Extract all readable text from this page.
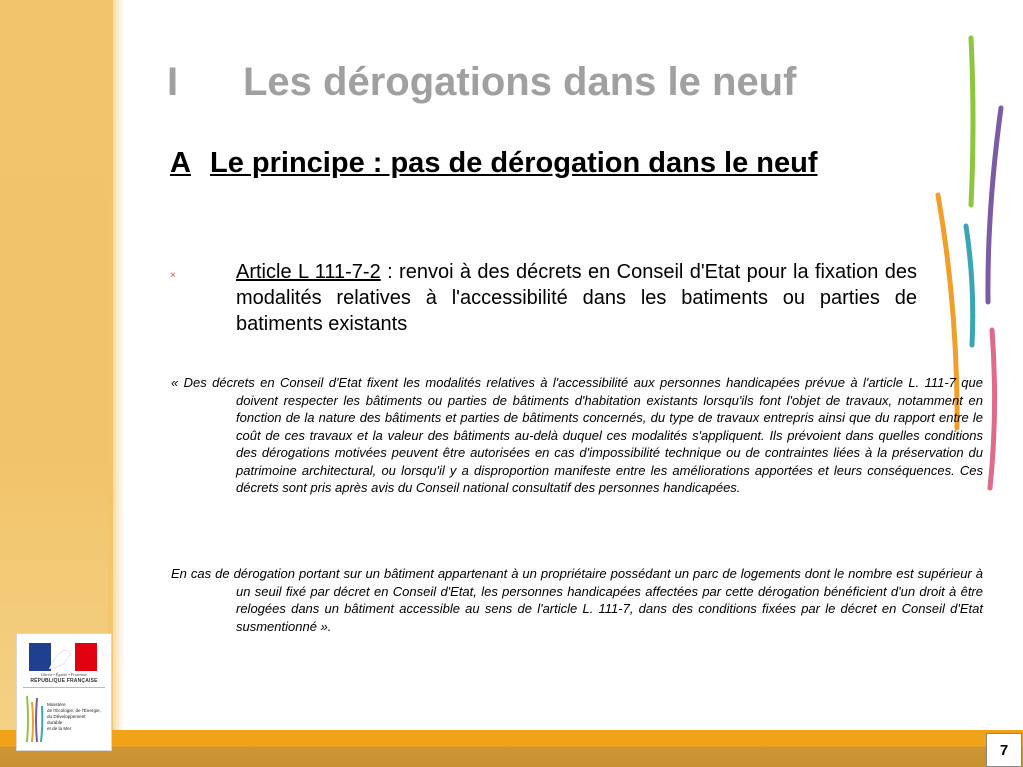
I Les dérogations dans le neuf
A Le principe : pas de dérogation dans le neuf
×	Article L 111-7-2 : renvoi à des décrets en Conseil d'Etat pour la fixation des modalités relatives à l'accessibilité dans les batiments ou parties de batiments existants
« Des décrets en Conseil d'Etat fixent les modalités relatives à l'accessibilité aux personnes handicapées prévue à l'article L. 111-7 que doivent respecter les bâtiments ou parties de bâtiments d'habitation existants lorsqu'ils font l'objet de travaux, notamment en fonction de la nature des bâtiments et parties de bâtiments concernés, du type de travaux entrepris ainsi que du rapport entre le coût de ces travaux et la valeur des bâtiments au-delà duquel ces modalités s'appliquent. Ils prévoient dans quelles conditions des dérogations motivées peuvent être autorisées en cas d'impossibilité technique ou de contraintes liées à la préservation du patrimoine architectural, ou lorsqu'il y a disproportion manifeste entre les améliorations apportées et leurs conséquences. Ces décrets sont pris après avis du Conseil national consultatif des personnes handicapées.
En cas de dérogation portant sur un bâtiment appartenant à un propriétaire possédant un parc de logements dont le nombre est supérieur à un seuil fixé par décret en Conseil d'Etat, les personnes handicapées affectées par cette dérogation bénéficient d'un droit à être relogées dans un bâtiment accessible au sens de l'article L. 111-7, dans des conditions fixées par le décret en Conseil d'Etat susmentionné ».
7
Liberté • Égalité • Fraternité
RÉPUBLIQUE FRANÇAISE
Ministère
de l'Écologie, de l'Énergie,
du Développement
durable
et de la Mer
